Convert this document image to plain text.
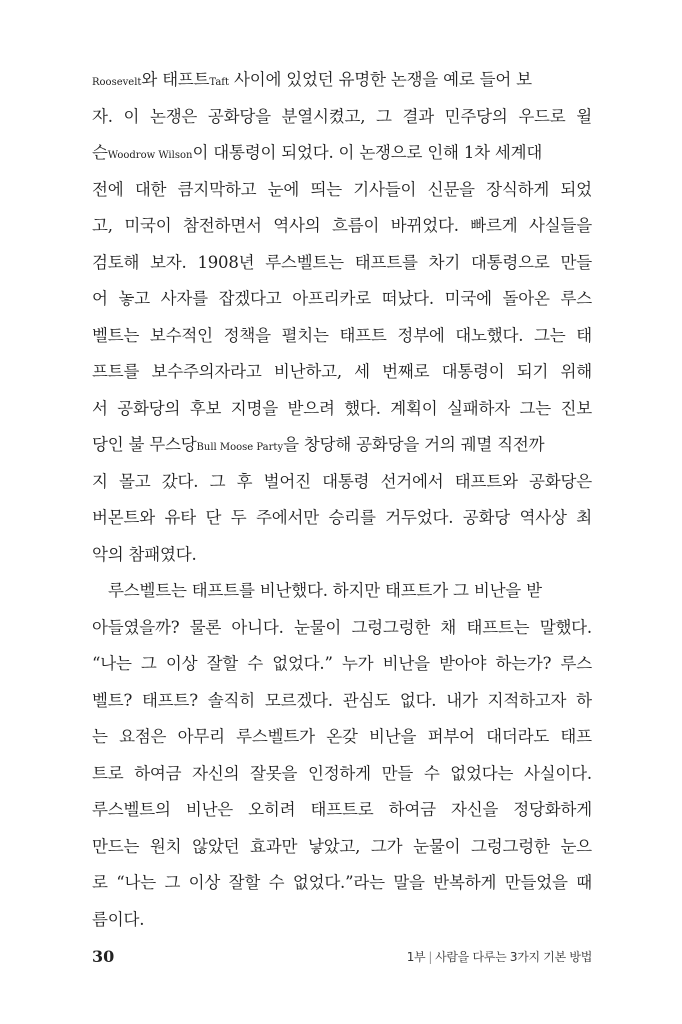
Roosevelt와 태프트Taft 사이에 있었던 유명한 논쟁을 예로 들어 보
자. 이 논쟁은 공화당을 분열시켰고, 그 결과 민주당의 우드로 윌
슨Woodrow Wilson이 대통령이 되었다. 이 논쟁으로 인해 1차 세계대
전에 대한 큼지막하고 눈에 띄는 기사들이 신문을 장식하게 되었
고, 미국이 참전하면서 역사의 흐름이 바뀌었다. 빠르게 사실들을
검토해 보자. 1908년 루스벨트는 태프트를 차기 대통령으로 만들
어 놓고 사자를 잡겠다고 아프리카로 떠났다. 미국에 돌아온 루스
벨트는 보수적인 정책을 펼치는 태프트 정부에 대노했다. 그는 태
프트를 보수주의자라고 비난하고, 세 번째로 대통령이 되기 위해
서 공화당의 후보 지명을 받으려 했다. 계획이 실패하자 그는 진보
당인 불 무스당Bull Moose Party을 창당해 공화당을 거의 궤멸 직전까
지 몰고 갔다. 그 후 벌어진 대통령 선거에서 태프트와 공화당은
버몬트와 유타 단 두 주에서만 승리를 거두었다. 공화당 역사상 최
악의 참패였다.
루스벨트는 태프트를 비난했다. 하지만 태프트가 그 비난을 받
아들였을까? 물론 아니다. 눈물이 그렁그렁한 채 태프트는 말했다.
“나는 그 이상 잘할 수 없었다.” 누가 비난을 받아야 하는가? 루스
벨트? 태프트? 솔직히 모르겠다. 관심도 없다. 내가 지적하고자 하
는 요점은 아무리 루스벨트가 온갖 비난을 퍼부어 대더라도 태프
트로 하여금 자신의 잘못을 인정하게 만들 수 없었다는 사실이다.
루스벨트의 비난은 오히려 태프트로 하여금 자신을 정당화하게
만드는 원치 않았던 효과만 낳았고, 그가 눈물이 그렁그렁한 눈으
로 “나는 그 이상 잘할 수 없었다.”라는 말을 반복하게 만들었을 때
름이다.
30	1부 | 사람을 다루는 3가지 기본 방법
